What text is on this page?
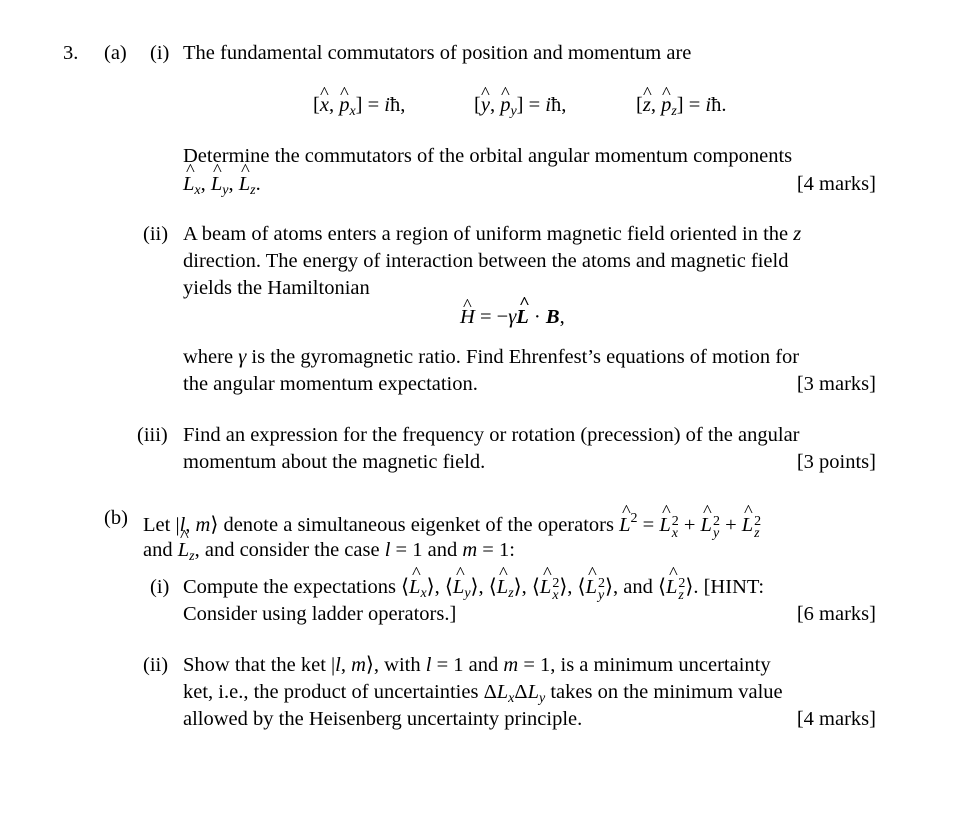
3. (a) (i) The fundamental commutators of position and momentum are
[^ x, ^ $p_x$] = iħ,	[^ y, ^ $p_y$] = iħ,	[^ z, ^ $p_z$] = iħ.
Determine the commutators of the orbital angular momentum components
^ $L_x$, ^ $L_y$, ^ $L_z$.	[4 marks]
(ii) A beam of atoms enters a region of uniform magnetic field oriented in the z
direction. The energy of interaction between the atoms and magnetic field
yields the Hamiltonian
^ H = −γ^ L · B,
where γ is the gyromagnetic ratio. Find Ehrenfest’s equations of motion for
the angular momentum expectation.	[3 marks]
(iii) Find an expression for the frequency or rotation (precession) of the angular
momentum about the magnetic field.	[3 points]
(b) Let |l, m⟩ denote a simultaneous eigenket of the operators ^ $L^2$ = ^ L 2
x + ^ L 2
y + ^ L 2
z
and ^ $L_z$, and consider the case l = 1 and m = 1:
(i) Compute the expectations ⟨^ $L_x⟩$, ⟨^ $L_y⟩$, ⟨^ $L_z⟩$, ⟨^ L 2
x ⟩, ⟨^ L 2
y ⟩, and ⟨^ L 2
z ⟩. [HINT:
Consider using ladder operators.]	[6 marks]
(ii) Show that the ket |l, m⟩, with l = 1 and m = 1, is a minimum uncertainty
ket, i.e., the product of uncertainties $\Delta L_x\Delta L_y$ takes on the minimum value
allowed by the Heisenberg uncertainty principle.	[4 marks]
